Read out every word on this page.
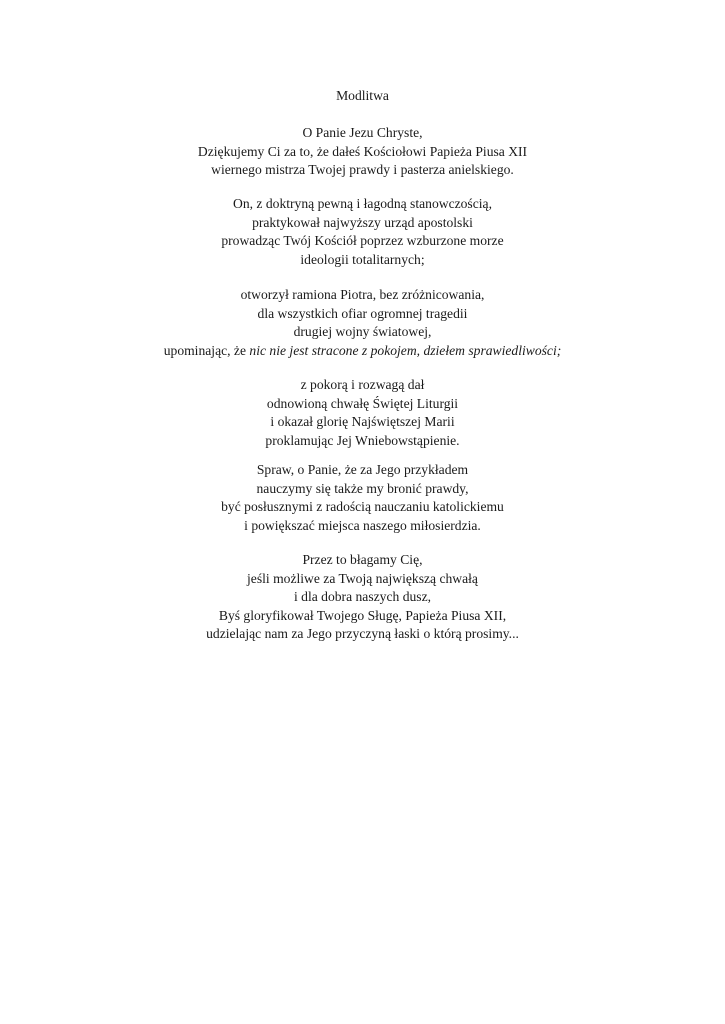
Modlitwa
O Panie Jezu Chryste,
Dziękujemy Ci za to, że dałeś Kościołowi Papieża Piusa XII
wiernego mistrza Twojej prawdy i pasterza anielskiego.
On, z doktryną pewną i łagodną stanowczością,
praktykował najwyższy urząd apostolski
prowadząc Twój Kościół poprzez wzburzone morze
ideologii totalitarnych;
otworzył ramiona Piotra, bez zróżnicowania,
dla wszystkich ofiar ogromnej tragedii
drugiej wojny światowej,
upominając, że nic nie jest stracone z pokojem, dziełem sprawiedliwości;
z pokorą i rozwagą dał
odnowioną chwałę Świętej Liturgii
i okazał glorię Najświętszej Marii
proklamując Jej Wniebowstąpienie.
Spraw, o Panie, że za Jego przykładem
nauczymy się także my bronić prawdy,
być posłusznymi z radością nauczaniu katolickiemu
i powiększać miejsca naszego miłosierdzia.
Przez to błagamy Cię,
jeśli możliwe za Twoją największą chwałą
i dla dobra naszych dusz,
Byś gloryfikował Twojego Sługę, Papieża Piusa XII,
udzielając nam za Jego przyczyną łaski o którą prosimy...
